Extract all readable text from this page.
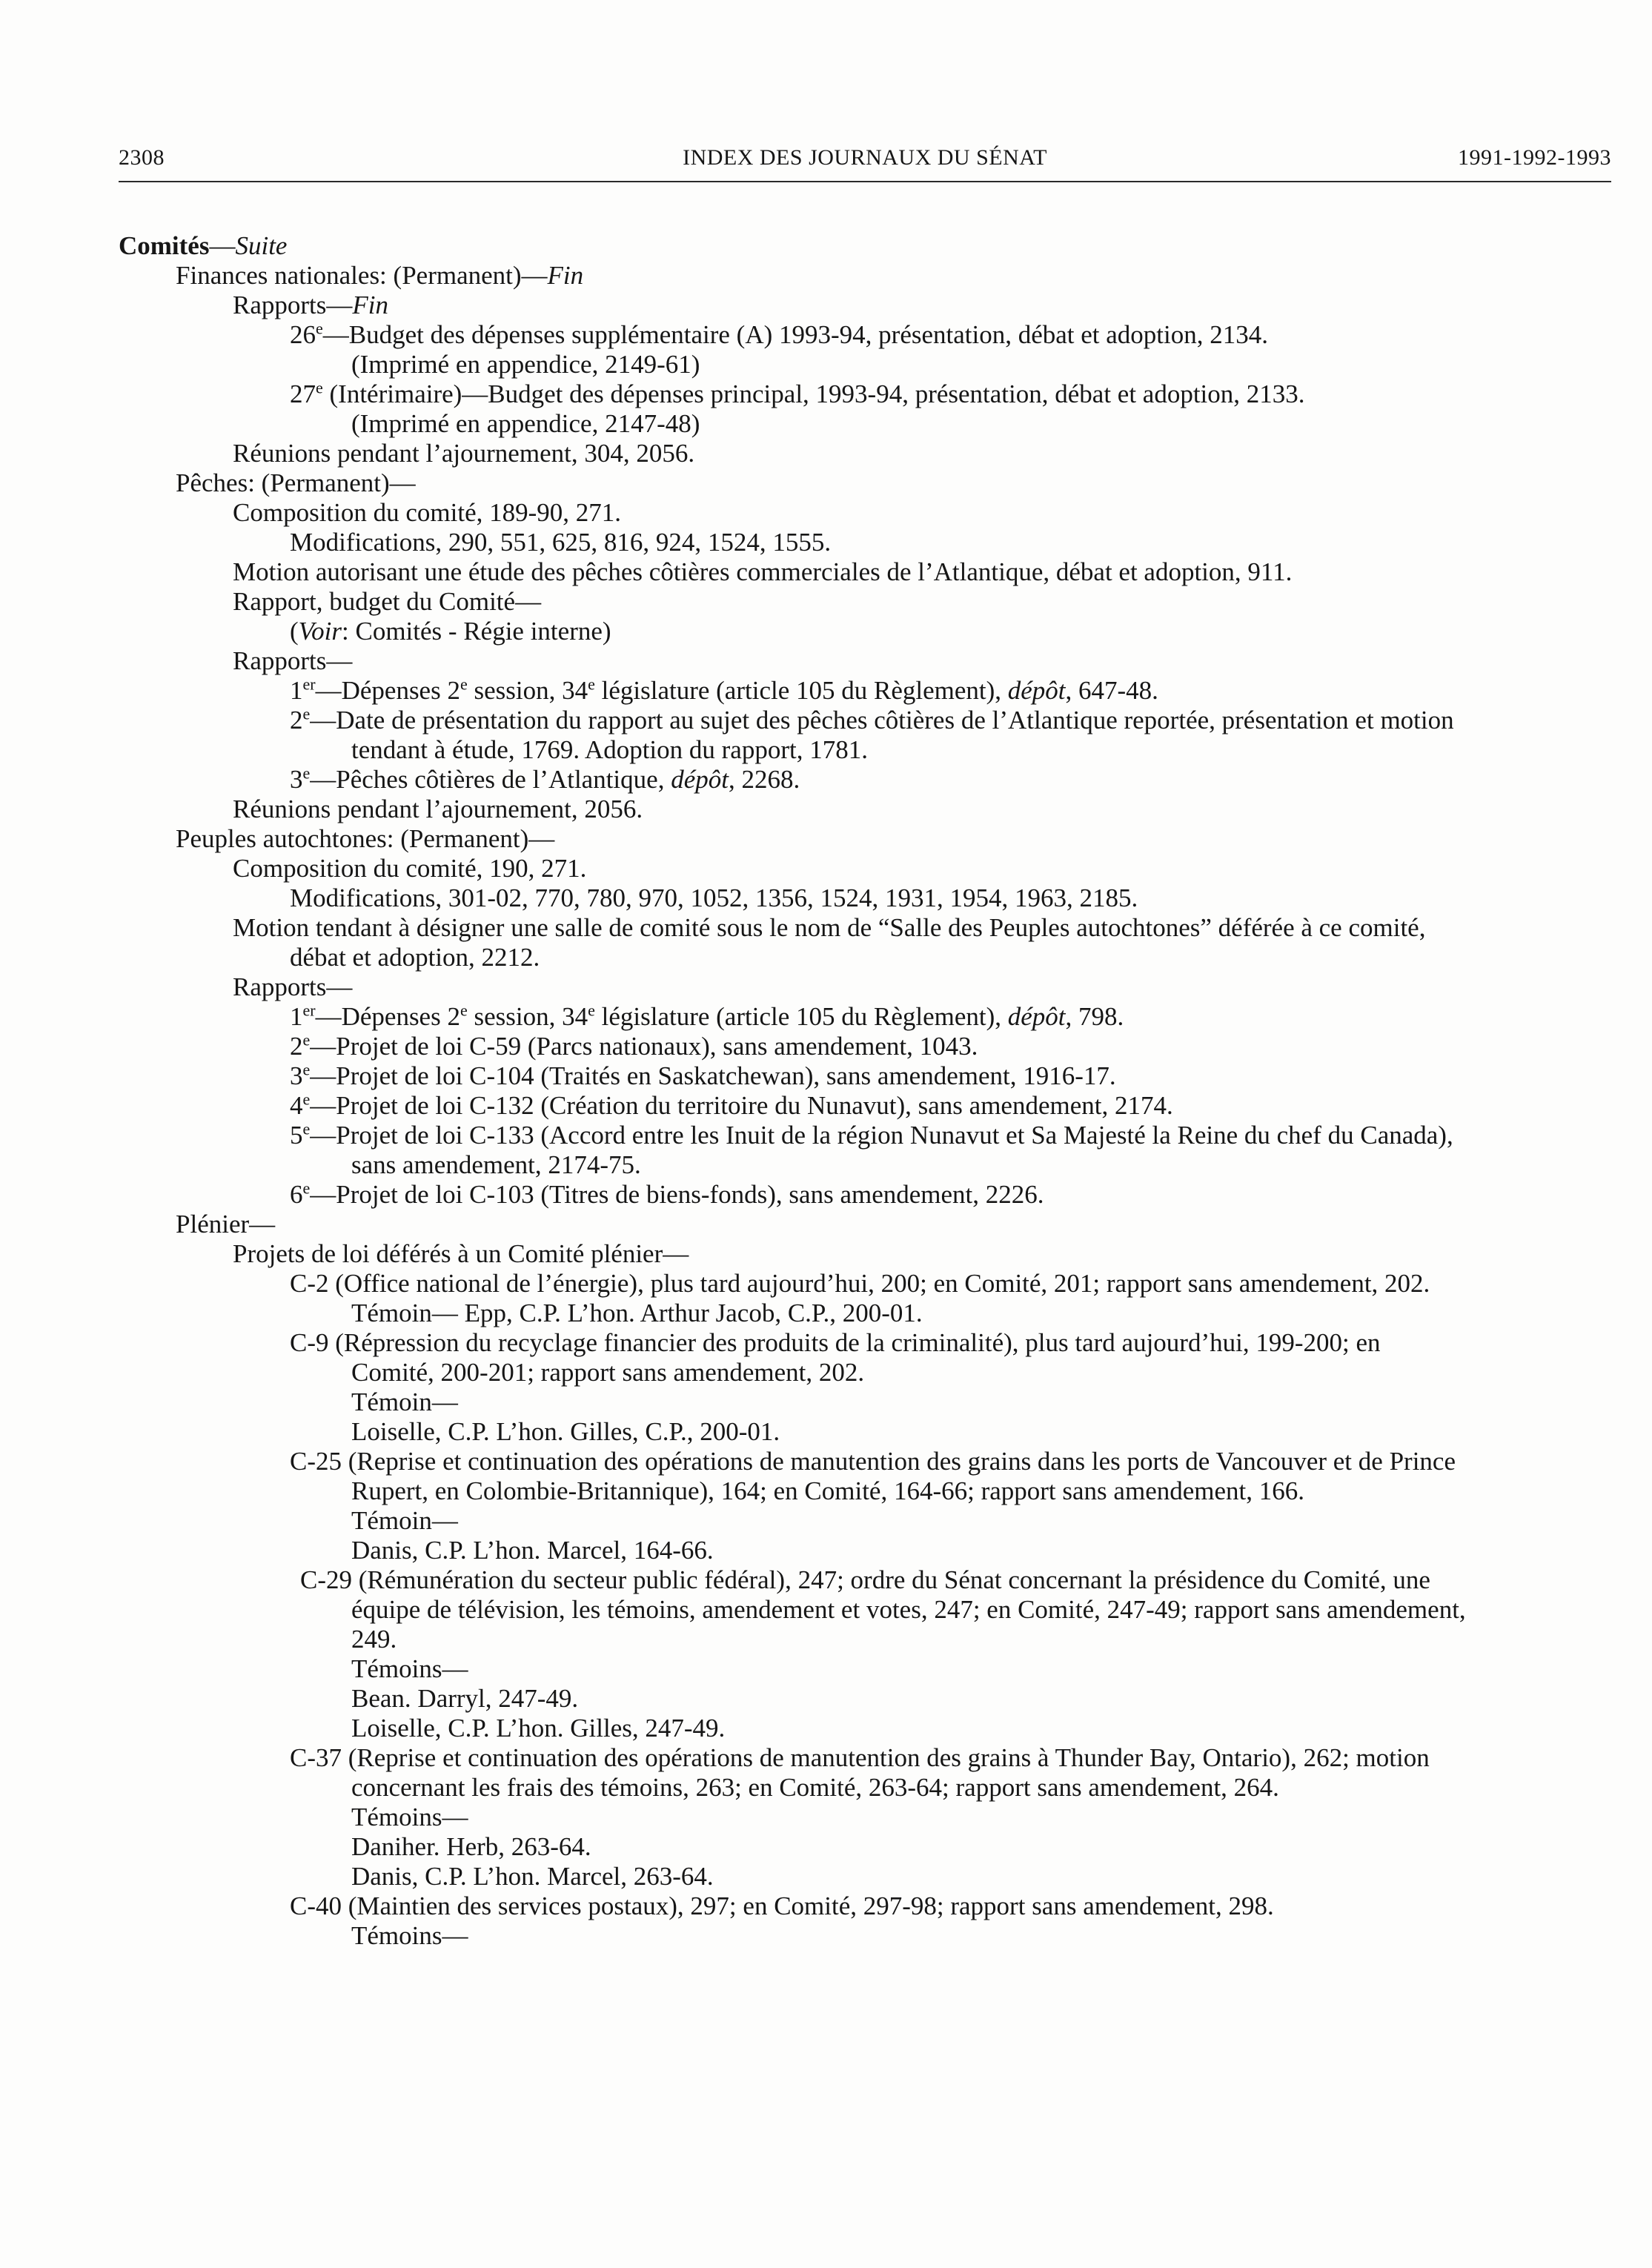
2308	INDEX DES JOURNAUX DU SÉNAT	1991-1992-1993
Comités—Suite
Finances nationales: (Permanent)—Fin
Rapports—Fin
26e—Budget des dépenses supplémentaire (A) 1993-94, présentation, débat et adoption, 2134.
(Imprimé en appendice, 2149-61)
27e (Intérimaire)—Budget des dépenses principal, 1993-94, présentation, débat et adoption, 2133.
(Imprimé en appendice, 2147-48)
Réunions pendant l’ajournement, 304, 2056.
Pêches: (Permanent)—
Composition du comité, 189-90, 271.
Modifications, 290, 551, 625, 816, 924, 1524, 1555.
Motion autorisant une étude des pêches côtières commerciales de l’Atlantique, débat et adoption, 911.
Rapport, budget du Comité—
(Voir: Comités - Régie interne)
Rapports—
1er—Dépenses 2e session, 34e législature (article 105 du Règlement), dépôt, 647-48.
2e—Date de présentation du rapport au sujet des pêches côtières de l’Atlantique reportée, présentation et motion
tendant à étude, 1769. Adoption du rapport, 1781.
3e—Pêches côtières de l’Atlantique, dépôt, 2268.
Réunions pendant l’ajournement, 2056.
Peuples autochtones: (Permanent)—
Composition du comité, 190, 271.
Modifications, 301-02, 770, 780, 970, 1052, 1356, 1524, 1931, 1954, 1963, 2185.
Motion tendant à désigner une salle de comité sous le nom de “Salle des Peuples autochtones” déférée à ce comité,
débat et adoption, 2212.
Rapports—
1er—Dépenses 2e session, 34e législature (article 105 du Règlement), dépôt, 798.
2e—Projet de loi C-59 (Parcs nationaux), sans amendement, 1043.
3e—Projet de loi C-104 (Traités en Saskatchewan), sans amendement, 1916-17.
4e—Projet de loi C-132 (Création du territoire du Nunavut), sans amendement, 2174.
5e—Projet de loi C-133 (Accord entre les Inuit de la région Nunavut et Sa Majesté la Reine du chef du Canada),
sans amendement, 2174-75.
6e—Projet de loi C-103 (Titres de biens-fonds), sans amendement, 2226.
Plénier—
Projets de loi déférés à un Comité plénier—
C-2 (Office national de l’énergie), plus tard aujourd’hui, 200; en Comité, 201; rapport sans amendement, 202.
Témoin— Epp, C.P. L’hon. Arthur Jacob, C.P., 200-01.
C-9 (Répression du recyclage financier des produits de la criminalité), plus tard aujourd’hui, 199-200; en
Comité, 200-201; rapport sans amendement, 202.
Témoin—
Loiselle, C.P. L’hon. Gilles, C.P., 200-01.
C-25 (Reprise et continuation des opérations de manutention des grains dans les ports de Vancouver et de Prince
Rupert, en Colombie-Britannique), 164; en Comité, 164-66; rapport sans amendement, 166.
Témoin—
Danis, C.P. L’hon. Marcel, 164-66.
C-29 (Rémunération du secteur public fédéral), 247; ordre du Sénat concernant la présidence du Comité, une
équipe de télévision, les témoins, amendement et votes, 247; en Comité, 247-49; rapport sans amendement,
249.
Témoins—
Bean. Darryl, 247-49.
Loiselle, C.P. L’hon. Gilles, 247-49.
C-37 (Reprise et continuation des opérations de manutention des grains à Thunder Bay, Ontario), 262; motion
concernant les frais des témoins, 263; en Comité, 263-64; rapport sans amendement, 264.
Témoins—
Daniher. Herb, 263-64.
Danis, C.P. L’hon. Marcel, 263-64.
C-40 (Maintien des services postaux), 297; en Comité, 297-98; rapport sans amendement, 298.
Témoins—
